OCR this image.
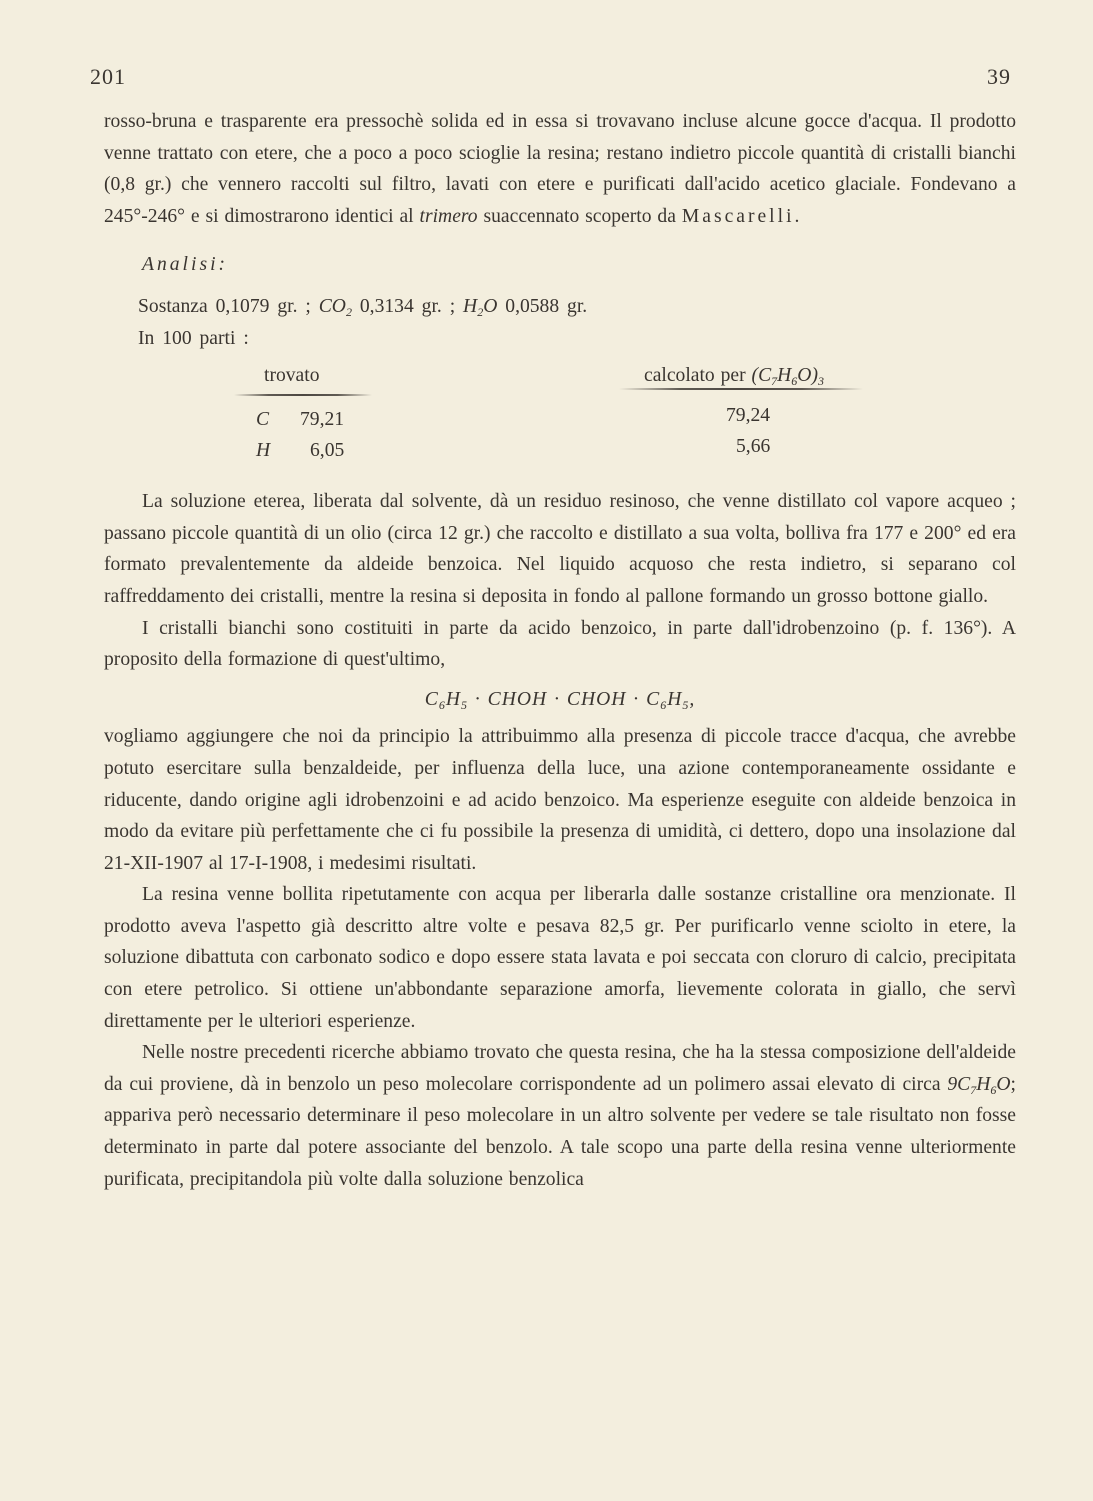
201	39

rosso-bruna e trasparente era pressochè solida ed in essa si trovavano incluse alcune gocce d'acqua. Il prodotto venne trattato con etere, che a poco a poco scioglie la resina; restano indietro piccole quantità di cristalli bianchi (0,8 gr.) che vennero raccolti sul filtro, lavati con etere e purificati dall'acido acetico glaciale. Fondevano a 245°-246° e si dimostrarono identici al trimero suaccennato scoperto da Mascarelli.

Analisi:
Sostanza 0,1079 gr. ; $CO_2$ 0,3134 gr. ; $H_2O$ 0,0588 gr.
In 100 parti :
trovato	calcolato per $(C_7H_6O)_3$
C 79,21	79,24
H 6,05	5,66

La soluzione eterea, liberata dal solvente, dà un residuo resinoso, che venne distillato col vapore acqueo ; passano piccole quantità di un olio (circa 12 gr.) che raccolto e distillato a sua volta, bolliva fra 177 e 200° ed era formato prevalentemente da aldeide benzoica. Nel liquido acquoso che resta indietro, si separano col raffreddamento dei cristalli, mentre la resina si deposita in fondo al pallone formando un grosso bottone giallo.

I cristalli bianchi sono costituiti in parte da acido benzoico, in parte dall'idrobenzoino (p. f. 136°). A proposito della formazione di quest'ultimo,

$C_6H_5$ · CHOH · CHOH · $C_6H_5$,

vogliamo aggiungere che noi da principio la attribuimmo alla presenza di piccole tracce d'acqua, che avrebbe potuto esercitare sulla benzaldeide, per influenza della luce, una azione contemporaneamente ossidante e riducente, dando origine agli idrobenzoini e ad acido benzoico. Ma esperienze eseguite con aldeide benzoica in modo da evitare più perfettamente che ci fu possibile la presenza di umidità, ci dettero, dopo una insolazione dal 21-XII-1907 al 17-I-1908, i medesimi risultati.

La resina venne bollita ripetutamente con acqua per liberarla dalle sostanze cristalline ora menzionate. Il prodotto aveva l'aspetto già descritto altre volte e pesava 82,5 gr. Per purificarlo venne sciolto in etere, la soluzione dibattuta con carbonato sodico e dopo essere stata lavata e poi seccata con cloruro di calcio, precipitata con etere petrolico. Si ottiene un'abbondante separazione amorfa, lievemente colorata in giallo, che servì direttamente per le ulteriori esperienze.

Nelle nostre precedenti ricerche abbiamo trovato che questa resina, che ha la stessa composizione dell'aldeide da cui proviene, dà in benzolo un peso molecolare corrispondente ad un polimero assai elevato di circa $9C_7H_6O$; appariva però necessario determinare il peso molecolare in un altro solvente per vedere se tale risultato non fosse determinato in parte dal potere associante del benzolo. A tale scopo una parte della resina venne ulteriormente purificata, precipitandola più volte dalla soluzione benzolica
